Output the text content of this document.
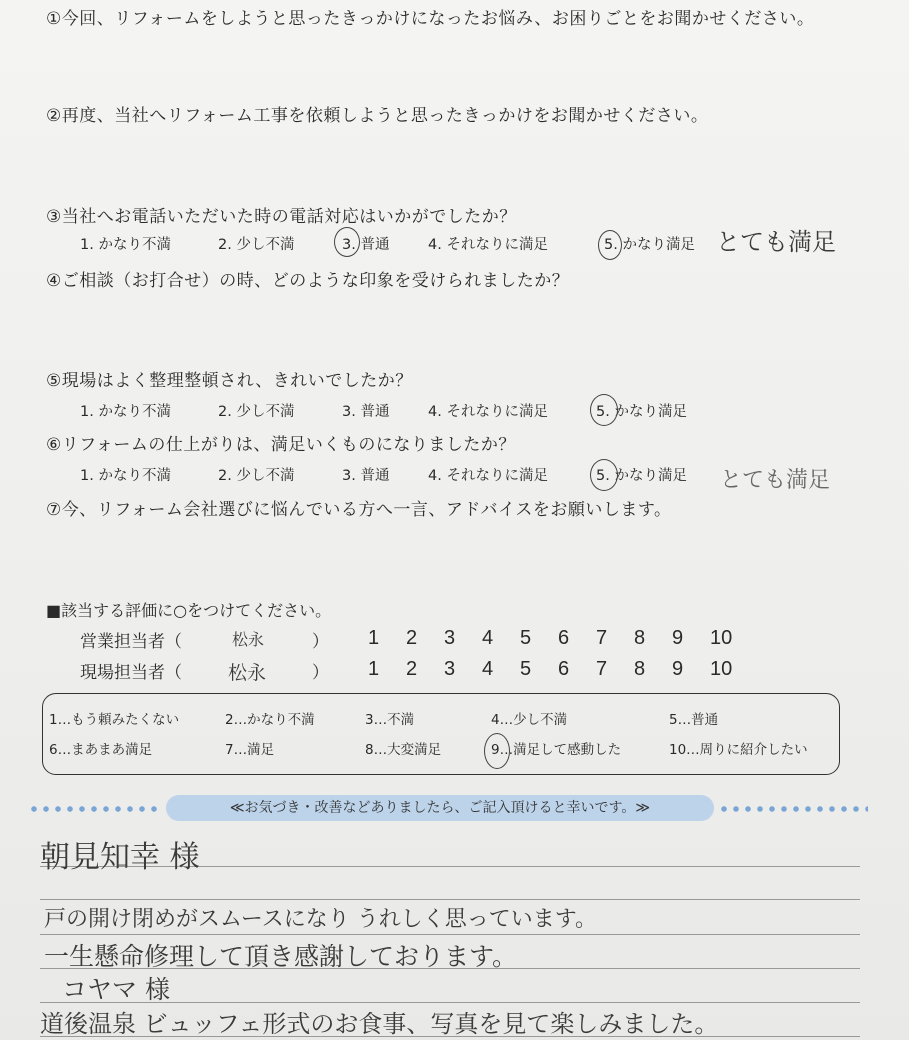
①今回、リフォームをしようと思ったきっかけになったお悩み、お困りごとをお聞かせください。
②再度、当社へリフォーム工事を依頼しようと思ったきっかけをお聞かせください。
③当社へお電話いただいた時の電話対応はいかがでしたか？
1. かなり不満	2. 少し不満	3. 普通	4. それなりに満足	5. かなり満足 とても満足
④ご相談（お打合せ）の時、どのような印象を受けられましたか？
⑤現場はよく整理整頓され、きれいでしたか？
1. かなり不満	2. 少し不満	3. 普通	4. それなりに満足	5. かなり満足
⑥リフォームの仕上がりは、満足いくものになりましたか？
1. かなり不満	2. 少し不満	3. 普通	4. それなりに満足	5. かなり満足 とても満足
⑦今、リフォーム会社選びに悩んでいる方へ一言、アドバイスをお願いします。
■該当する評価に○をつけてください。
営業担当者（	松永	） 1 2 3 4 5 6 7 8 9 10
現場担当者（ 松永	） 1 2 3 4 5 6 7 8 9 10
1…もう頼みたくない	2…かなり不満	3…不満	4…少し不満	5…普通
6…まあまあ満足	7…満足	8…大変満足	9…満足して感動した	10…周りに紹介したい
≪お気づき・改善などありましたら、ご記入頂けると幸いです。≫
朝見知幸 様
戸の開け閉めがスムースになり うれしく思っています。
一生懸命修理して頂き感謝しております。
コヤマ 様
道後温泉 ビュッフェ形式のお食事、写真を見て楽しみました。
